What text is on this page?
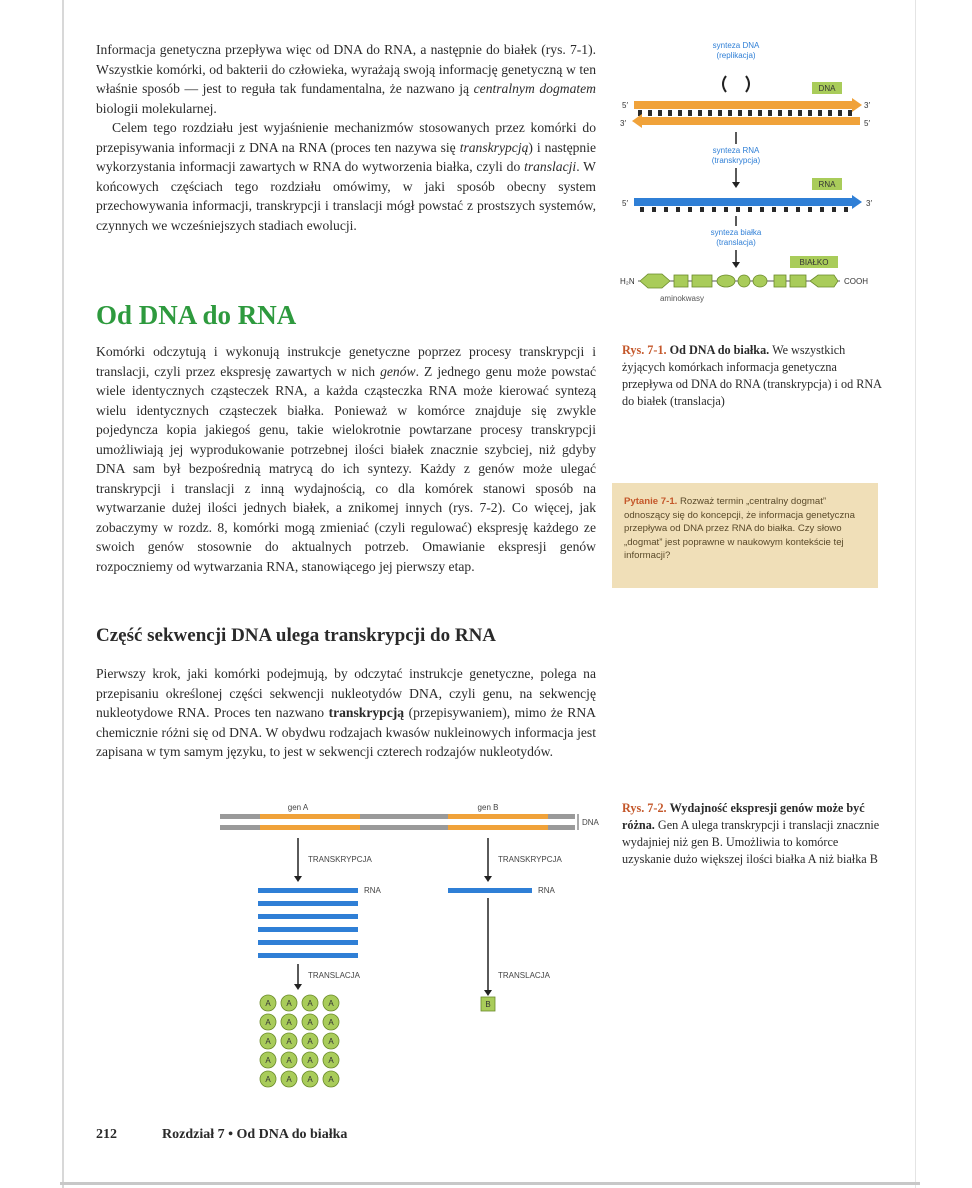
Informacja genetyczna przepływa więc od DNA do RNA, a następnie do białek (rys. 7-1). Wszystkie komórki, od bakterii do człowieka, wyrażają swoją informację genetyczną w ten właśnie sposób — jest to reguła tak fundamentalna, że nazwano ją centralnym dogmatem biologii molekularnej.

Celem tego rozdziału jest wyjaśnienie mechanizmów stosowanych przez komórki do przepisywania informacji z DNA na RNA (proces ten nazywa się transkrypcją) i następnie wykorzystania informacji zawartych w RNA do wytworzenia białka, czyli do translacji. W końcowych częściach tego rozdziału omówimy, w jaki sposób obecny system przechowywania informacji, transkrypcji i translacji mógł powstać z prostszych systemów, czynnych we wcześniejszych stadiach ewolucji.

Od DNA do RNA

Komórki odczytują i wykonują instrukcje genetyczne poprzez procesy transkrypcji i translacji, czyli przez ekspresję zawartych w nich genów. Z jednego genu może powstać wiele identycznych cząsteczek RNA, a każda cząsteczka RNA może kierować syntezą wielu identycznych cząsteczek białka. Ponieważ w komórce znajduje się zwykle pojedyncza kopia jakiegoś genu, takie wielokrotnie powtarzane procesy transkrypcji umożliwiają jej wyprodukowanie potrzebnej ilości białek znacznie szybciej, niż gdyby DNA sam był bezpośrednią matrycą do ich syntezy. Każdy z genów może ulegać transkrypcji i translacji z inną wydajnością, co dla komórek stanowi sposób na wytwarzanie dużej ilości jednych białek, a znikomej innych (rys. 7-2). Co więcej, jak zobaczymy w rozdz. 8, komórki mogą zmieniać (czyli regulować) ekspresję każdego ze swoich genów stosownie do aktualnych potrzeb. Omawianie ekspresji genów rozpoczniemy od wytwarzania RNA, stanowiącego jej pierwszy etap.

Część sekwencji DNA ulega transkrypcji do RNA

Pierwszy krok, jaki komórki podejmują, by odczytać instrukcje genetyczne, polega na przepisaniu określonej części sekwencji nukleotydów DNA, czyli genu, na sekwencję nukleotydowe RNA. Proces ten nazwano transkrypcją (przepisywaniem), mimo że RNA chemicznie różni się od DNA. W obydwu rodzajach kwasów nukleinowych informacja jest zapisana w tym samym języku, to jest w sekwencji czterech rodzajów nukleotydów.

synteza DNA
(replikacja)
DNA
5′	3′
3′	5′
synteza RNA
(transkrypcja)
RNA
5′	3′
synteza białka
(translacja)
BIAŁKO
H₂N	COOH
aminokwasy

Rys. 7-1. Od DNA do białka. We wszystkich żyjących komórkach informacja genetyczna przepływa od DNA do RNA (transkrypcja) i od RNA do białek (translacja)

Pytanie 7-1. Rozważ termin „centralny dogmat” odnoszący się do koncepcji, że informacja genetyczna przepływa od DNA przez RNA do białka. Czy słowo „dogmat” jest poprawne w naukowym kontekście tej informacji?
gen A	gen B
DNA
TRANSKRYPCJA	TRANSKRYPCJA
RNA	RNA
TRANSLACJA	TRANSLACJA
A A A A
A A A A
A A A A
A A A A
A A A A
B

Rys. 7-2. Wydajność ekspresji genów może być różna. Gen A ulega transkrypcji i translacji znacznie wydajniej niż gen B. Umożliwia to komórce uzyskanie dużo większej ilości białka A niż białka B

212	Rozdział 7 • Od DNA do białka
